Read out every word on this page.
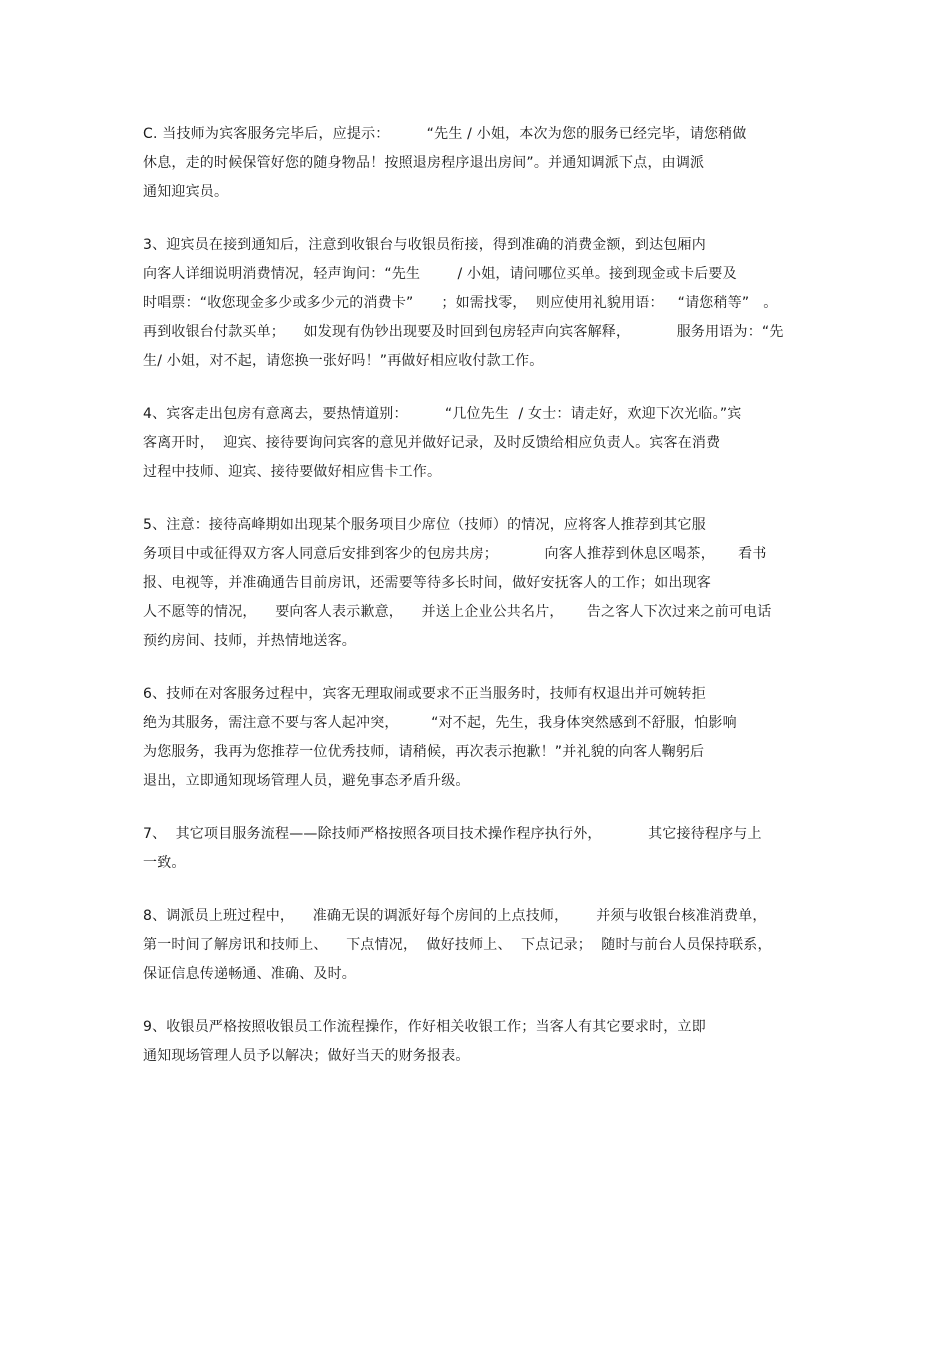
C. 当技师为宾客服务完毕后，应提示：        “先生 / 小姐，本次为您的服务已经完毕，请您稍做
休息，走的时候保管好您的随身物品！按照退房程序退出房间”。并通知调派下点，由调派
通知迎宾员。
3、迎宾员在接到通知后，注意到收银台与收银员衔接，得到准确的消费金额，到达包厢内
向客人详细说明消费情况，轻声询问：“先生        / 小姐，请问哪位买单。接到现金或卡后要及
时唱票：“收您现金多少或多少元的消费卡”      ；如需找零，  则应使用礼貌用语：   “请您稍等”   。
再到收银台付款买单；    如发现有伪钞出现要及时回到包房轻声向宾客解释，          服务用语为：“先
生/ 小姐，对不起，请您换一张好吗！”再做好相应收付款工作。
4、宾客走出包房有意离去，要热情道别：        “几位先生  / 女士：请走好，欢迎下次光临。”宾
客离开时，  迎宾、接待要询问宾客的意见并做好记录，及时反馈给相应负责人。宾客在消费
过程中技师、迎宾、接待要做好相应售卡工作。
5、注意：接待高峰期如出现某个服务项目少席位（技师）的情况，应将客人推荐到其它服
务项目中或征得双方客人同意后安排到客少的包房共房；          向客人推荐到休息区喝茶，     看书
报、电视等，并准确通告目前房讯，还需要等待多长时间，做好安抚客人的工作；如出现客
人不愿等的情况，    要向客人表示歉意，    并送上企业公共名片，     告之客人下次过来之前可电话
预约房间、技师，并热情地送客。
6、技师在对客服务过程中，宾客无理取闹或要求不正当服务时，技师有权退出并可婉转拒
绝为其服务，需注意不要与客人起冲突，       “对不起，先生，我身体突然感到不舒服，怕影响
为您服务，我再为您推荐一位优秀技师，请稍候，再次表示抱歉！”并礼貌的向客人鞠躬后
退出，立即通知现场管理人员，避免事态矛盾升级。
7、  其它项目服务流程——除技师严格按照各项目技术操作程序执行外，          其它接待程序与上
一致。
8、调派员上班过程中，    准确无误的调派好每个房间的上点技师，      并须与收银台核准消费单，
第一时间了解房讯和技师上、    下点情况，  做好技师上、  下点记录；  随时与前台人员保持联系，
保证信息传递畅通、准确、及时。
9、收银员严格按照收银员工作流程操作，作好相关收银工作；当客人有其它要求时，立即
通知现场管理人员予以解决；做好当天的财务报表。
